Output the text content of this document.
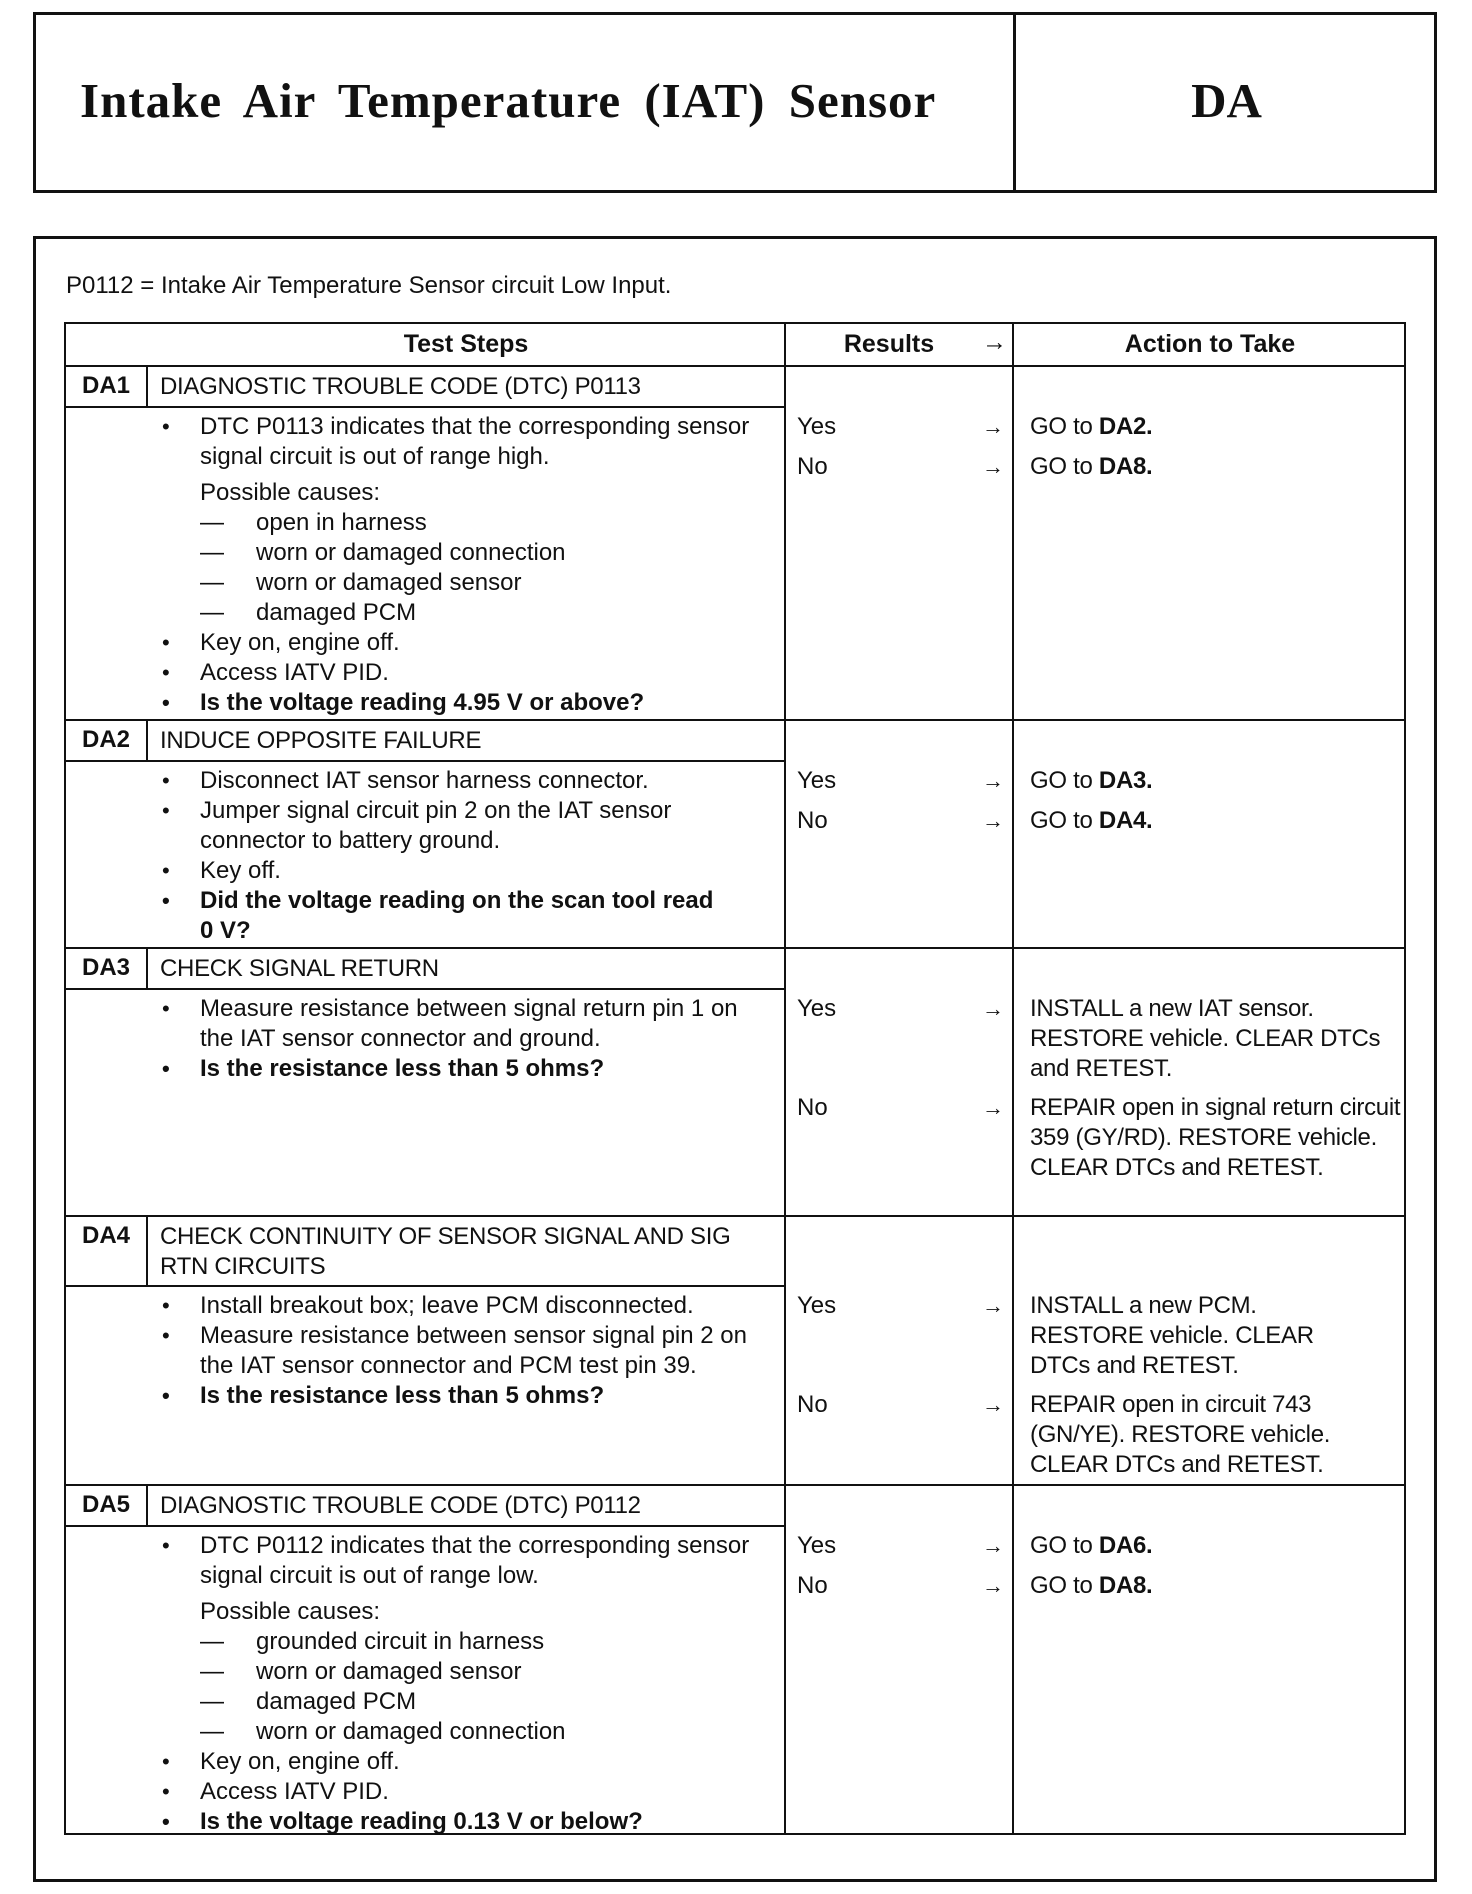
Intake Air Temperature (IAT) Sensor	DA
P0112 = Intake Air Temperature Sensor circuit Low Input.
Test Steps	Results	→	Action to Take
DA1	DIAGNOSTIC TROUBLE CODE (DTC) P0113
• DTC P0113 indicates that the corresponding sensor signal circuit is out of range high.
Possible causes:
— open in harness
— worn or damaged connection
— worn or damaged sensor
— damaged PCM
• Key on, engine off.
• Access IATV PID.
• Is the voltage reading 4.95 V or above?
Yes	→ GO to DA2.
No	→ GO to DA8.
DA2	INDUCE OPPOSITE FAILURE
• Disconnect IAT sensor harness connector.
• Jumper signal circuit pin 2 on the IAT sensor connector to battery ground.
• Key off.
• Did the voltage reading on the scan tool read 0 V?
Yes	→ GO to DA3.
No	→ GO to DA4.
DA3	CHECK SIGNAL RETURN
• Measure resistance between signal return pin 1 on the IAT sensor connector and ground.
• Is the resistance less than 5 ohms?
Yes	→ INSTALL a new IAT sensor. RESTORE vehicle. CLEAR DTCs and RETEST.
No	→ REPAIR open in signal return circuit 359 (GY/RD). RESTORE vehicle. CLEAR DTCs and RETEST.
DA4	CHECK CONTINUITY OF SENSOR SIGNAL AND SIG RTN CIRCUITS
• Install breakout box; leave PCM disconnected.
• Measure resistance between sensor signal pin 2 on the IAT sensor connector and PCM test pin 39.
• Is the resistance less than 5 ohms?
Yes	→ INSTALL a new PCM. RESTORE vehicle. CLEAR DTCs and RETEST.
No	→ REPAIR open in circuit 743 (GN/YE). RESTORE vehicle. CLEAR DTCs and RETEST.
DA5	DIAGNOSTIC TROUBLE CODE (DTC) P0112
• DTC P0112 indicates that the corresponding sensor signal circuit is out of range low.
Possible causes:
— grounded circuit in harness
— worn or damaged sensor
— damaged PCM
— worn or damaged connection
• Key on, engine off.
• Access IATV PID.
• Is the voltage reading 0.13 V or below?
Yes	→ GO to DA6.
No	→ GO to DA8.
